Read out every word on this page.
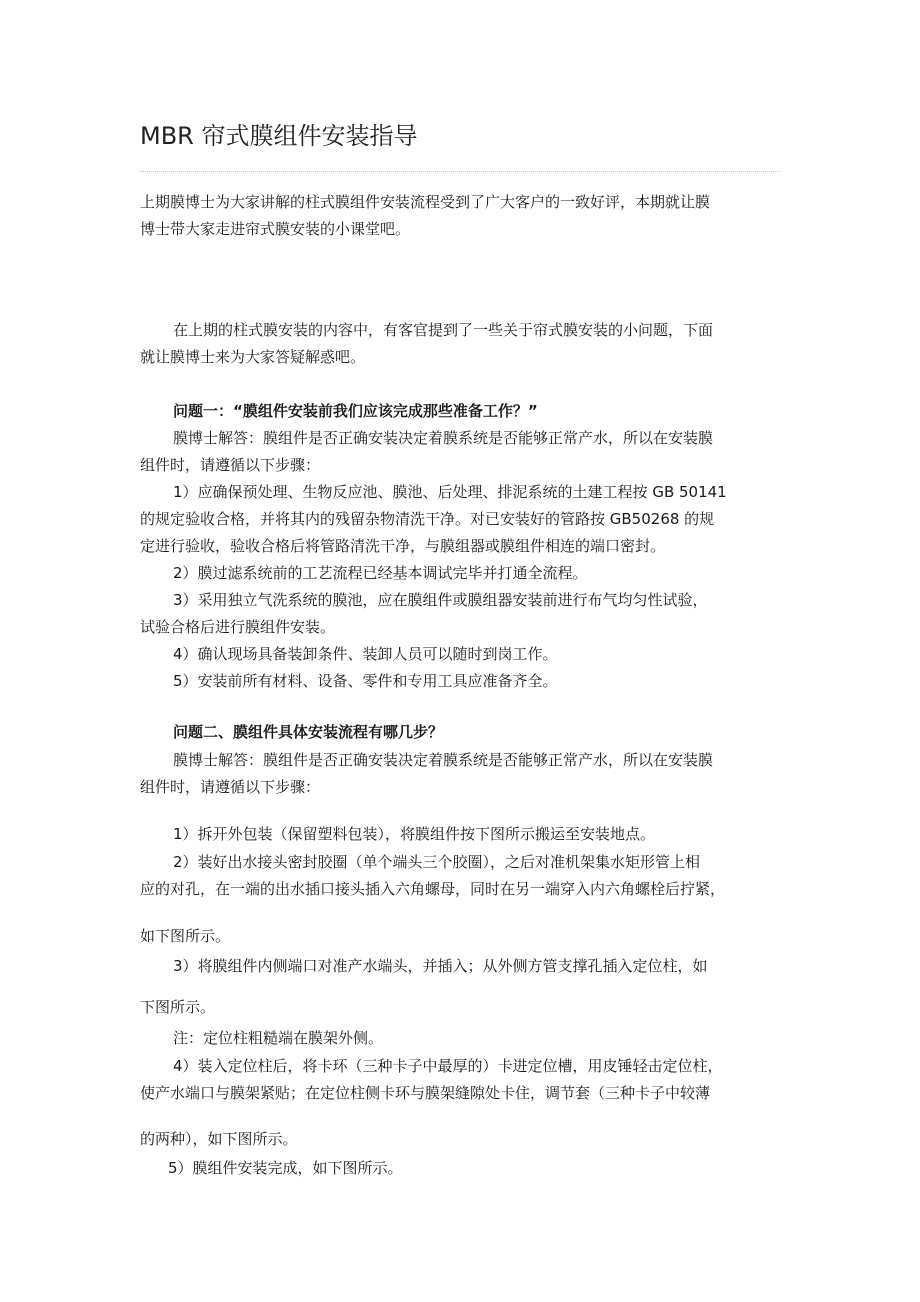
MBR 帘式膜组件安装指导
上期膜博士为大家讲解的柱式膜组件安装流程受到了广大客户的一致好评，本期就让膜
博士带大家走进帘式膜安装的小课堂吧。
在上期的柱式膜安装的内容中，有客官提到了一些关于帘式膜安装的小问题，下面
就让膜博士来为大家答疑解惑吧。
问题一：“膜组件安装前我们应该完成那些准备工作？”
膜博士解答：膜组件是否正确安装决定着膜系统是否能够正常产水，所以在安装膜
组件时，请遵循以下步骤：
1）应确保预处理、生物反应池、膜池、后处理、排泥系统的土建工程按 GB 50141
的规定验收合格，并将其内的残留杂物清洗干净。对已安装好的管路按 GB50268 的规
定进行验收，验收合格后将管路清洗干净，与膜组器或膜组件相连的端口密封。
2）膜过滤系统前的工艺流程已经基本调试完毕并打通全流程。
3）采用独立气洗系统的膜池，应在膜组件或膜组器安装前进行布气均匀性试验，
试验合格后进行膜组件安装。
4）确认现场具备装卸条件、装卸人员可以随时到岗工作。
5）安装前所有材料、设备、零件和专用工具应准备齐全。
问题二、膜组件具体安装流程有哪几步？
膜博士解答：膜组件是否正确安装决定着膜系统是否能够正常产水，所以在安装膜
组件时，请遵循以下步骤：
1）拆开外包装（保留塑料包装），将膜组件按下图所示搬运至安装地点。
2）装好出水接头密封胶圈（单个端头三个胶圈），之后对准机架集水矩形管上相
应的对孔，在一端的出水插口接头插入六角螺母，同时在另一端穿入内六角螺栓后拧紧，
如下图所示。
3）将膜组件内侧端口对准产水端头，并插入；从外侧方管支撑孔插入定位柱，如
下图所示。
注：定位柱粗糙端在膜架外侧。
4）装入定位柱后，将卡环（三种卡子中最厚的）卡进定位槽，用皮锤轻击定位柱，
使产水端口与膜架紧贴；在定位柱侧卡环与膜架缝隙处卡住，调节套（三种卡子中较薄
的两种），如下图所示。
5）膜组件安装完成，如下图所示。
